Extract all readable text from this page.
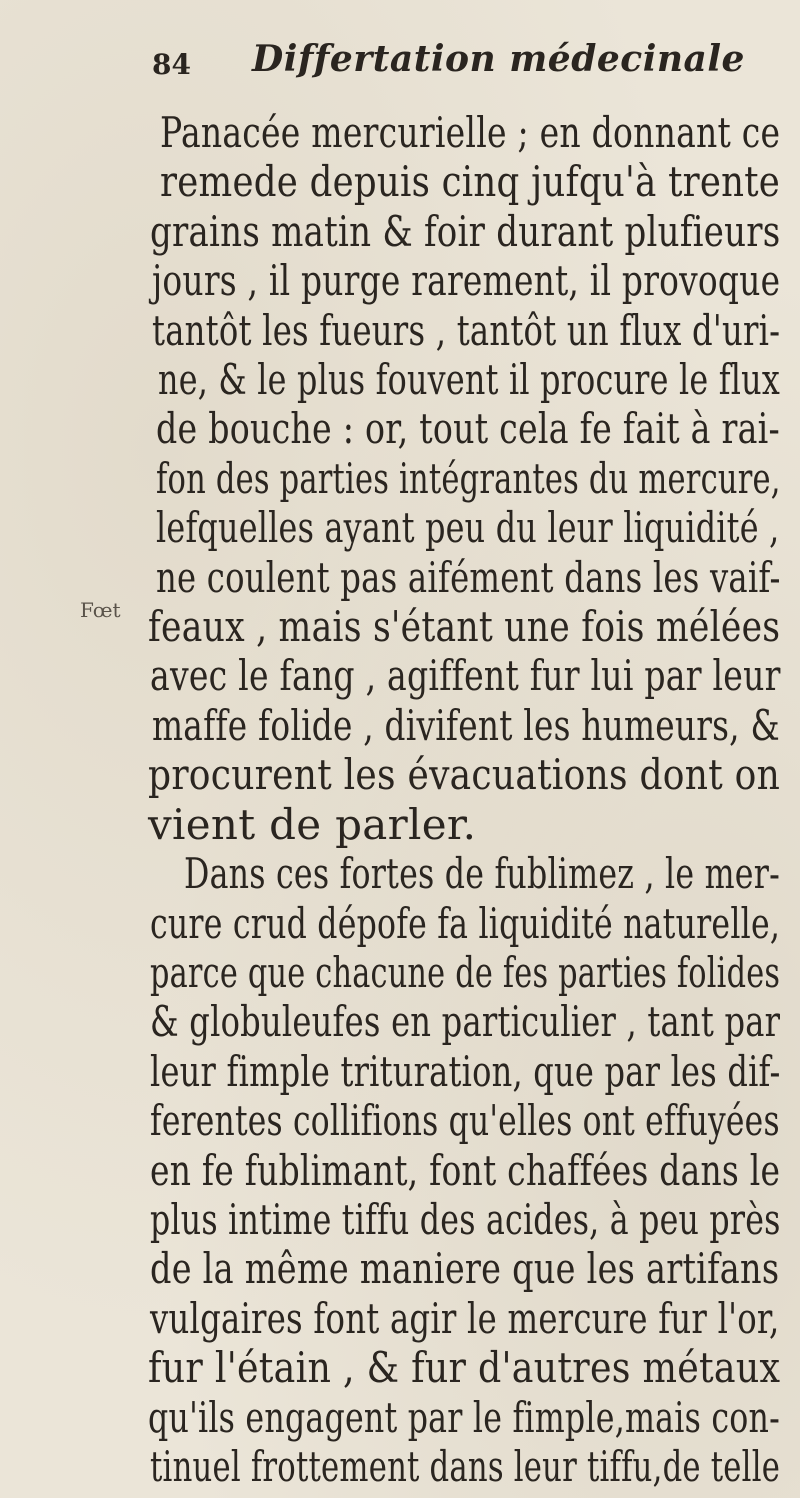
84 Differtation médecinale
Fœt
Panacée mercurielle ; en donnant ce
remede depuis cinq jufqu'à trente
grains matin & foir durant plufieurs
jours , il purge rarement, il provoque
tantôt les fueurs , tantôt un flux d'uri-
ne, & le plus fouvent il procure le flux
de bouche : or, tout cela fe fait à rai-
fon des parties intégrantes du mercure,
lefquelles ayant peu du leur liquidité ,
ne coulent pas aifément dans les vaif-
feaux , mais s'étant une fois mélées
avec le fang , agiffent fur lui par leur
maffe folide , divifent les humeurs, &
procurent les évacuations dont on
vient de parler.
Dans ces fortes de fublimez , le mer-
cure crud dépofe fa liquidité naturelle,
parce que chacune de fes parties folides
& globuleufes en particulier , tant par
leur fimple trituration, que par les dif-
ferentes collifions qu'elles ont effuyées
en fe fublimant, font chaffées dans le
plus intime tiffu des acides, à peu près
de la même maniere que les artifans
vulgaires font agir le mercure fur l'or,
fur l'étain , & fur d'autres métaux
qu'ils engagent par le fimple,mais con-
tinuel frottement dans leur tiffu,de telle
